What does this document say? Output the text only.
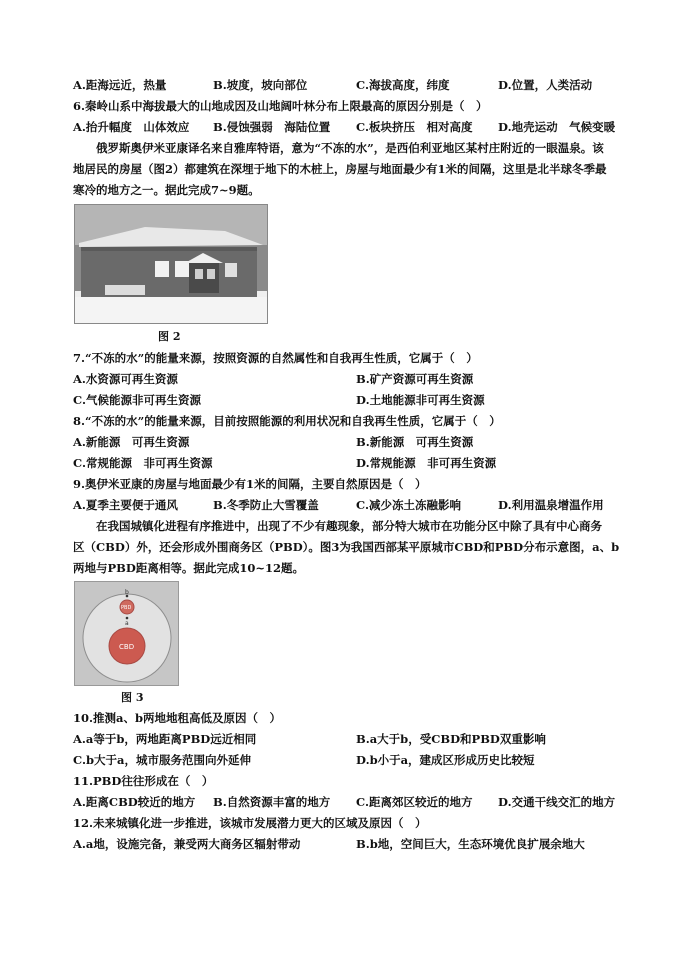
A.距海远近，热量	B.坡度，坡向部位	C.海拔高度，纬度	D.位置，人类活动
6.秦岭山系中海拔最大的山地成因及山地阔叶林分布上限最高的原因分别是（　）
A.抬升幅度　山体效应 B.侵蚀强弱　海陆位置 C.板块挤压　相对高度 D.地壳运动　气候变暖
俄罗斯奥伊米亚康译名来自雅库特语，意为“不冻的水”，是西伯利亚地区某村庄附近的一眼温泉。该
地居民的房屋（图2）都建筑在深埋于地下的木桩上，房屋与地面最少有1米的间隔，这里是北半球冬季最
寒冷的地方之一。据此完成7~9题。
图 2
7.“不冻的水”的能量来源，按照资源的自然属性和自我再生性质，它属于（　）
A.水资源可再生资源	B.矿产资源可再生资源
C.气候能源非可再生资源	D.土地能源非可再生资源
8.“不冻的水”的能量来源，目前按照能源的利用状况和自我再生性质，它属于（　）
A.新能源　可再生资源	B.新能源　可再生资源
C.常规能源　非可再生资源	D.常规能源　非可再生资源
9.奥伊米亚康的房屋与地面最少有1米的间隔，主要自然原因是（　）
A.夏季主要便于通风	B.冬季防止大雪覆盖	C.减少冻土冻融影响	D.利用温泉增温作用
在我国城镇化进程有序推进中，出现了不少有趣现象，部分特大城市在功能分区中除了具有中心商务
区（CBD）外，还会形成外围商务区（PBD）。图3为我国西部某平原城市CBD和PBD分布示意图，a、b
两地与PBD距离相等。据此完成10~12题。
b
PBD
a
CBD
图 3
10.推测a、b两地地租高低及原因（　）
A.a等于b，两地距离PBD远近相同	B.a大于b，受CBD和PBD双重影响
C.b大于a，城市服务范围向外延伸	D.b小于a，建成区形成历史比较短
11.PBD往往形成在（　）
A.距离CBD较近的地方 B.自然资源丰富的地方 C.距离郊区较近的地方 D.交通干线交汇的地方
12.未来城镇化进一步推进，该城市发展潜力更大的区域及原因（　）
A.a地，设施完备，兼受两大商务区辐射带动	B.b地，空间巨大，生态环境优良扩展余地大
